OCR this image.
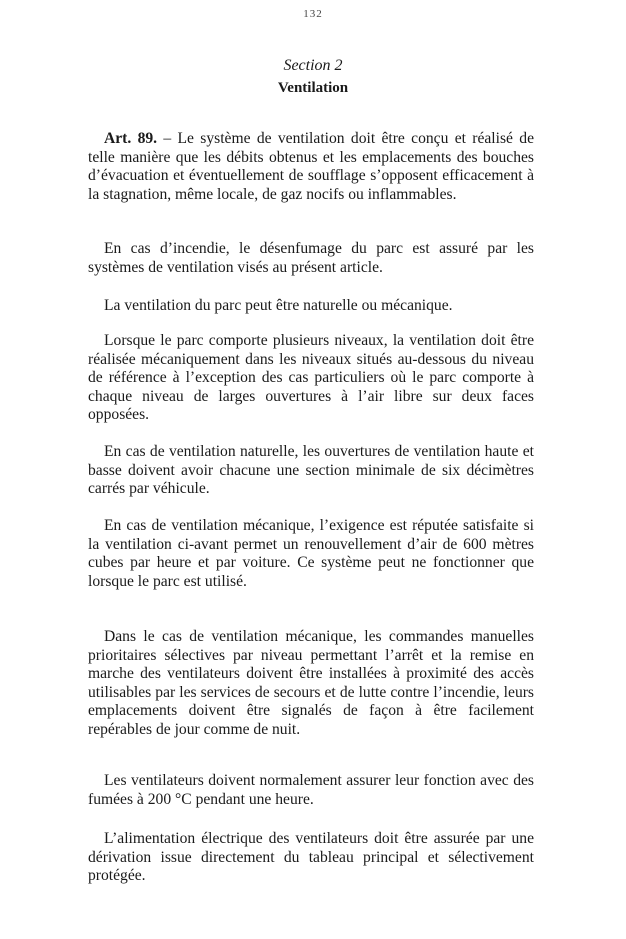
132
Section 2
Ventilation

Art. 89. – Le système de ventilation doit être conçu et réalisé de telle manière que les débits obtenus et les emplacements des bouches d’évacuation et éventuellement de soufflage s’opposent efficacement à la stagnation, même locale, de gaz nocifs ou inflammables.

En cas d’incendie, le désenfumage du parc est assuré par les systèmes de ventilation visés au présent article.

La ventilation du parc peut être naturelle ou mécanique.

Lorsque le parc comporte plusieurs niveaux, la ventilation doit être réalisée mécaniquement dans les niveaux situés au-dessous du niveau de référence à l’exception des cas particuliers où le parc comporte à chaque niveau de larges ouvertures à l’air libre sur deux faces opposées.

En cas de ventilation naturelle, les ouvertures de ventilation haute et basse doivent avoir chacune une section minimale de six décimètres carrés par véhicule.

En cas de ventilation mécanique, l’exigence est réputée satisfaite si la ventilation ci-avant permet un renouvellement d’air de 600 mètres cubes par heure et par voiture. Ce système peut ne fonctionner que lorsque le parc est utilisé.

Dans le cas de ventilation mécanique, les commandes manuelles prioritaires sélectives par niveau permettant l’arrêt et la remise en marche des ventilateurs doivent être installées à proximité des accès utilisables par les services de secours et de lutte contre l’incendie, leurs emplacements doivent être signalés de façon à être facilement repérables de jour comme de nuit.

Les ventilateurs doivent normalement assurer leur fonction avec des fumées à 200 °C pendant une heure.

L’alimentation électrique des ventilateurs doit être assurée par une dérivation issue directement du tableau principal et sélectivement protégée.
